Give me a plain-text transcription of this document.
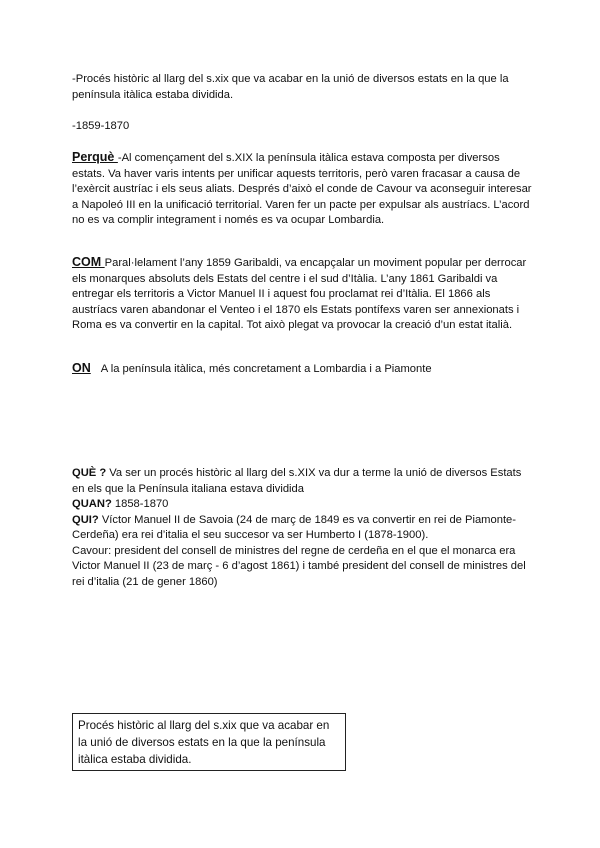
-Procés històric al llarg del s.xix que va acabar en la unió de diversos estats en la que la península itàlica estaba dividida.

-1859-1870

Perquè -Al començament del s.XIX la península itàlica estava composta per diversos estats. Va haver varis intents per unificar aquests territoris, però varen fracasar a causa de l’exèrcit austríac i els seus aliats. Després d’això el conde de Cavour va aconseguir interesar a Napoleó III en la unificació territorial. Varen fer un pacte per expulsar als austríacs. L’acord no es va complir integrament i només es va ocupar Lombardia.

COM Paral·lelament l’any 1859 Garibaldi, va encapçalar un moviment popular per derrocar els monarques absoluts dels Estats del centre i el sud d’Itàlia. L’any 1861 Garibaldi va entregar els territoris a Victor Manuel II i aquest fou proclamat rei d’Itàlia. El 1866 als austríacs varen abandonar el Venteo i el 1870 els Estats pontífexs varen ser annexionats i Roma es va convertir en la capital. Tot això plegat va provocar la creació d’un estat italià.

ON A la península itàlica, més concretament a Lombardia i a Piamonte

QUÈ ? Va ser un procés històric al llarg del s.XIX va dur a terme la unió de diversos Estats en els que la Península italiana estava dividida
QUAN? 1858-1870
QUI? Víctor Manuel II de Savoia (24 de març de 1849 es va convertir en rei de Piamonte-Cerdeña) era rei d’italia el seu succesor va ser Humberto I (1878-1900).
Cavour: president del consell de ministres del regne de cerdeña en el que el monarca era Victor Manuel II (23 de març - 6 d’agost 1861) i també president del consell de ministres del rei d’italia (21 de gener 1860)

Procés històric al llarg del s.xix que va acabar en la unió de diversos estats en la que la península itàlica estaba dividida.
